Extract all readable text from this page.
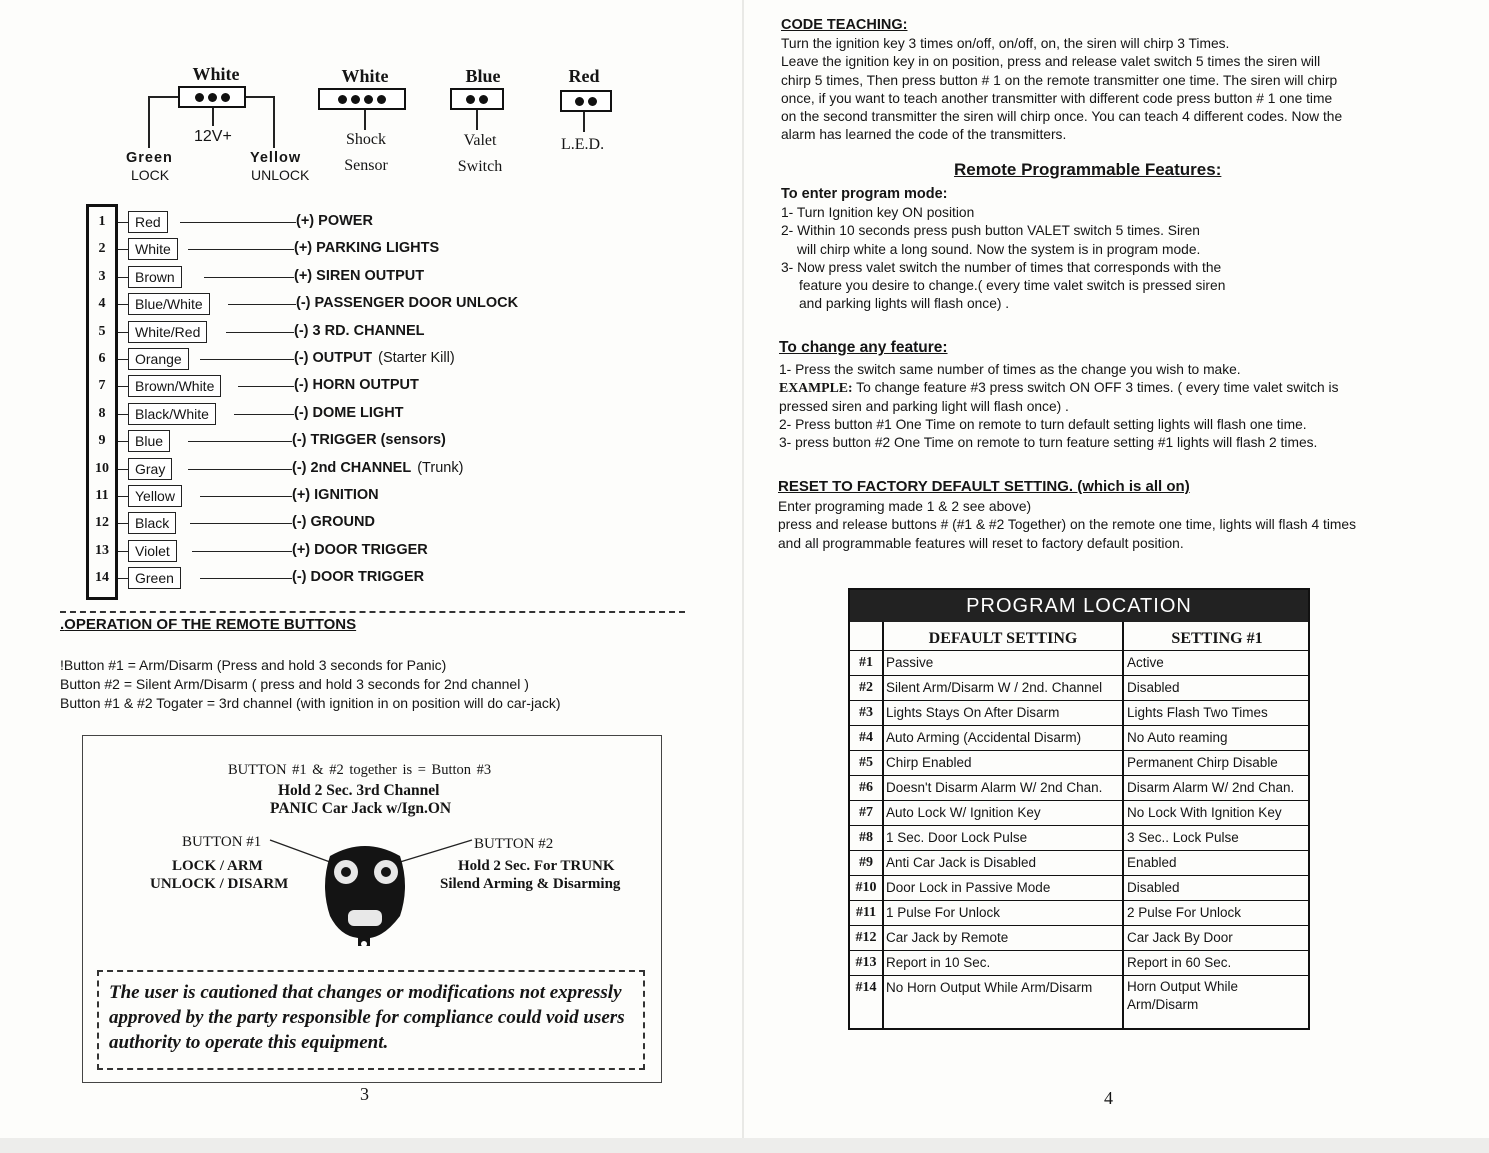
White
12V+
Green
LOCK
Yellow
UNLOCK
White
Shock
Sensor
Blue
Valet
Switch
Red
L.E.D.
1	Red	(+) POWER
2	White	(+) PARKING LIGHTS
3	Brown	(+) SIREN OUTPUT
4	Blue/White	(-) PASSENGER DOOR UNLOCK
5	White/Red	(-) 3 RD. CHANNEL
6	Orange	(-) OUTPUT (Starter Kill)
7	Brown/White	(-) HORN OUTPUT
8	Black/White	(-) DOME LIGHT
9	Blue	(-) TRIGGER (sensors)
10	Gray	(-) 2nd CHANNEL (Trunk)
11	Yellow	(+) IGNITION
12	Black	(-) GROUND
13	Violet	(+) DOOR TRIGGER
14	Green	(-) DOOR TRIGGER
OPERATION OF THE REMOTE BUTTONS.
Button #1 = Arm/Disarm (Press and hold 3 seconds for Panic)!
Button #2 = Silent Arm/Disarm ( press and hold 3 seconds for 2nd channel )
Button #1 & #2 Togater = 3rd channel (with ignition in on position will do car-jack)
BUTTON #1 & #2 together is = Button #3
Hold 2 Sec. 3rd Channel
PANIC Car Jack w/Ign.ON
BUTTON #1
LOCK / ARM
UNLOCK / DISARM
BUTTON #2
Hold 2 Sec. For TRUNK
Silend Arming & Disarming
The user is cautioned that changes or modifications not expressly approved by the party responsible for compliance could void users authority to operate this equipment.
3
CODE TEACHING:
Turn the ignition key 3 times on/off, on/off, on, the siren will chirp 3 Times.
Leave the ignition key in on position, press and release valet switch 5 times the siren will
chirp 5 times, Then press button # 1 on the remote transmitter one time. The siren will chirp
once, if you want to teach another transmitter with different code press button # 1 one time
on the second transmitter the siren will chirp once. You can teach 4 different codes. Now the
alarm has learned the code of the transmitters.
Remote Programmable Features:
To enter program mode:
1- Turn Ignition key ON position
2- Within 10 seconds press push button VALET switch 5 times. Siren
will chirp white a long sound. Now the system is in program mode.
3- Now press valet switch the number of times that corresponds with the
feature you desire to change.( every time valet switch is pressed siren
and parking lights will flash once) .
To change any feature:
1- Press the switch same number of times as the change you wish to make.
EXAMPLE: To change feature #3 press switch ON OFF 3 times. ( every time valet switch is
pressed siren and parking light will flash once) .
2- Press button #1 One Time on remote to turn default setting lights will flash one time.
3- press button #2 One Time on remote to turn feature setting #1 lights will flash 2 times.
RESET TO FACTORY DEFAULT SETTING. (which is all on)
Enter programing made 1 & 2 see above)
press and release buttons # (#1 & #2 Together) on the remote one time, lights will flash 4 times
and all programmable features will reset to factory default position.
PROGRAM LOCATION
DEFAULT SETTING	SETTING #1
#1 Passive	Active
#2 Silent Arm/Disarm W / 2nd. Channel	Disabled
#3 Lights Stays On After Disarm	Lights Flash Two Times
#4 Auto Arming (Accidental Disarm)	No Auto reaming
#5 Chirp Enabled	Permanent Chirp Disable
#6 Doesn't Disarm Alarm W/ 2nd Chan.	Disarm Alarm W/ 2nd Chan.
#7 Auto Lock W/ Ignition Key	No Lock With Ignition Key
#8 1 Sec. Door Lock Pulse	3 Sec.. Lock Pulse
#9 Anti Car Jack is Disabled	Enabled
#10 Door Lock in Passive Mode	Disabled
#11 1 Pulse For Unlock	2 Pulse For Unlock
#12 Car Jack by Remote	Car Jack By Door
#13 Report in 10 Sec.	Report in 60 Sec.
#14 No Horn Output While Arm/Disarm	Horn Output While
Arm/Disarm
4
